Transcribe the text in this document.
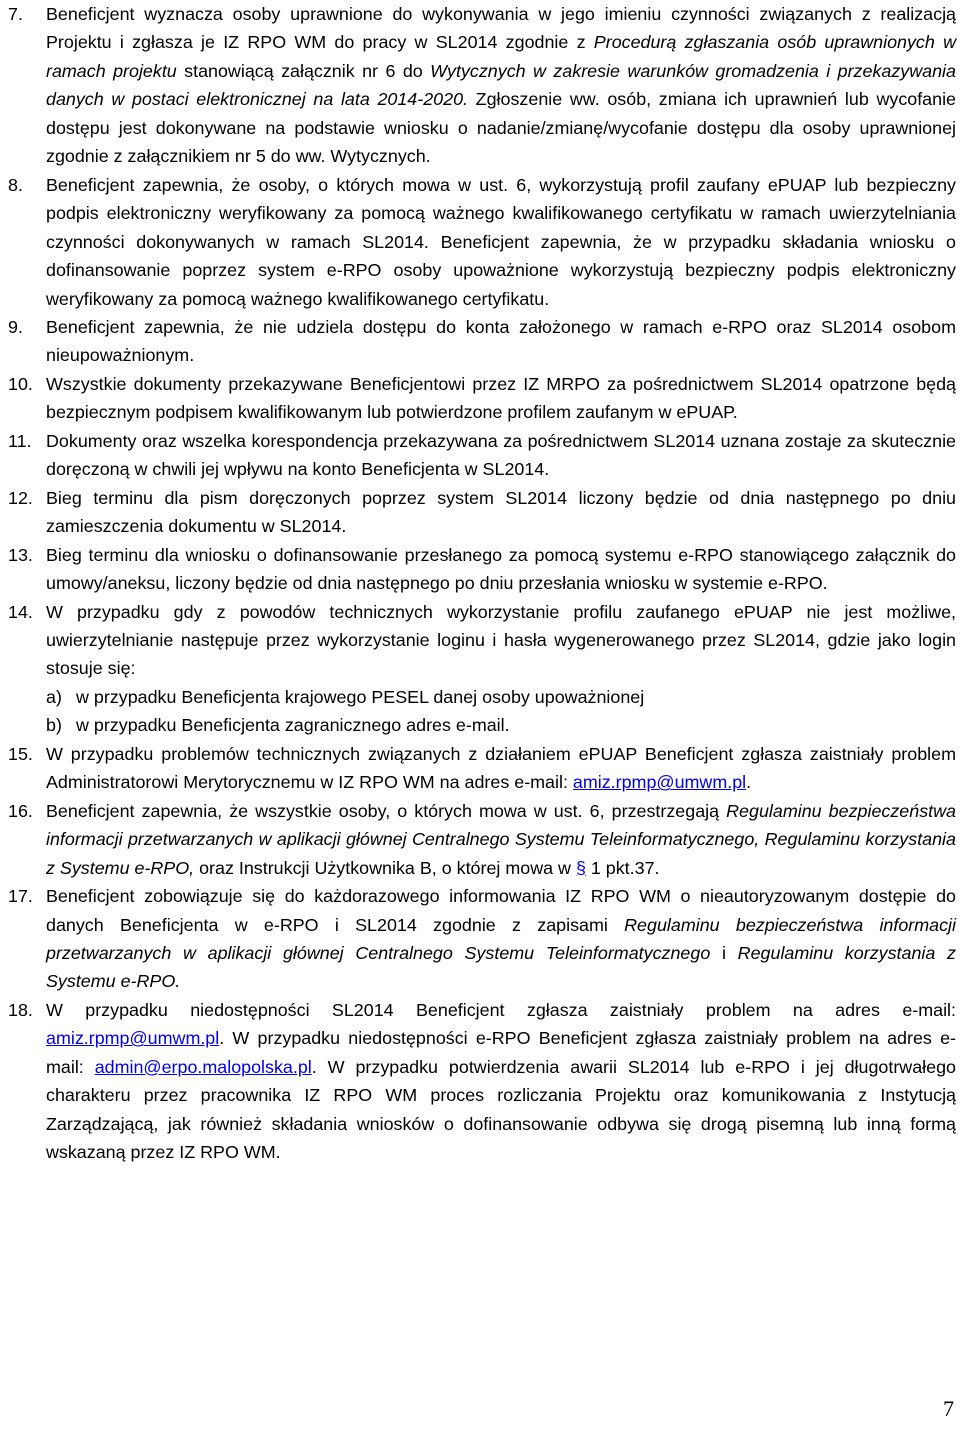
7. Beneficjent wyznacza osoby uprawnione do wykonywania w jego imieniu czynności związanych z realizacją Projektu i zgłasza je IZ RPO WM do pracy w SL2014 zgodnie z Procedurą zgłaszania osób uprawnionych w ramach projektu stanowiącą załącznik nr 6 do Wytycznych w zakresie warunków gromadzenia i przekazywania danych w postaci elektronicznej na lata 2014-2020. Zgłoszenie ww. osób, zmiana ich uprawnień lub wycofanie dostępu jest dokonywane na podstawie wniosku o nadanie/zmianę/wycofanie dostępu dla osoby uprawnionej zgodnie z załącznikiem nr 5 do ww. Wytycznych.
8. Beneficjent zapewnia, że osoby, o których mowa w ust. 6, wykorzystują profil zaufany ePUAP lub bezpieczny podpis elektroniczny weryfikowany za pomocą ważnego kwalifikowanego certyfikatu w ramach uwierzytelniania czynności dokonywanych w ramach SL2014. Beneficjent zapewnia, że w przypadku składania wniosku o dofinansowanie poprzez system e-RPO osoby upoważnione wykorzystują bezpieczny podpis elektroniczny weryfikowany za pomocą ważnego kwalifikowanego certyfikatu.
9. Beneficjent zapewnia, że nie udziela dostępu do konta założonego w ramach e-RPO oraz SL2014 osobom nieupoważnionym.
10. Wszystkie dokumenty przekazywane Beneficjentowi przez IZ MRPO za pośrednictwem SL2014 opatrzone będą bezpiecznym podpisem kwalifikowanym lub potwierdzone profilem zaufanym w ePUAP.
11. Dokumenty oraz wszelka korespondencja przekazywana za pośrednictwem SL2014 uznana zostaje za skutecznie doręczoną w chwili jej wpływu na konto Beneficjenta w SL2014.
12. Bieg terminu dla pism doręczonych poprzez system SL2014 liczony będzie od dnia następnego po dniu zamieszczenia dokumentu w SL2014.
13. Bieg terminu dla wniosku o dofinansowanie przesłanego za pomocą systemu e-RPO stanowiącego załącznik do umowy/aneksu, liczony będzie od dnia następnego po dniu przesłania wniosku w systemie e-RPO.
14. W przypadku gdy z powodów technicznych wykorzystanie profilu zaufanego ePUAP nie jest możliwe, uwierzytelnianie następuje przez wykorzystanie loginu i hasła wygenerowanego przez SL2014, gdzie jako login stosuje się:
a) w przypadku Beneficjenta krajowego PESEL danej osoby upoważnionej
b) w przypadku Beneficjenta zagranicznego adres e-mail.
15. W przypadku problemów technicznych związanych z działaniem ePUAP Beneficjent zgłasza zaistniały problem Administratorowi Merytorycznemu w IZ RPO WM na adres e-mail: amiz.rpmp@umwm.pl.
16. Beneficjent zapewnia, że wszystkie osoby, o których mowa w ust. 6, przestrzegają Regulaminu bezpieczeństwa informacji przetwarzanych w aplikacji głównej Centralnego Systemu Teleinformatycznego, Regulaminu korzystania z Systemu e-RPO, oraz Instrukcji Użytkownika B, o której mowa w § 1 pkt.37.
17. Beneficjent zobowiązuje się do każdorazowego informowania IZ RPO WM o nieautoryzowanym dostępie do danych Beneficjenta w e-RPO i SL2014 zgodnie z zapisami Regulaminu bezpieczeństwa informacji przetwarzanych w aplikacji głównej Centralnego Systemu Teleinformatycznego i Regulaminu korzystania z Systemu e-RPO.
18. W przypadku niedostępności SL2014 Beneficjent zgłasza zaistniały problem na adres e-mail: amiz.rpmp@umwm.pl. W przypadku niedostępności e-RPO Beneficjent zgłasza zaistniały problem na adres e-mail: admin@erpo.malopolska.pl. W przypadku potwierdzenia awarii SL2014 lub e-RPO i jej długotrwałego charakteru przez pracownika IZ RPO WM proces rozliczania Projektu oraz komunikowania z Instytucją Zarządzającą, jak również składania wniosków o dofinansowanie odbywa się drogą pisemną lub inną formą wskazaną przez IZ RPO WM.
7
